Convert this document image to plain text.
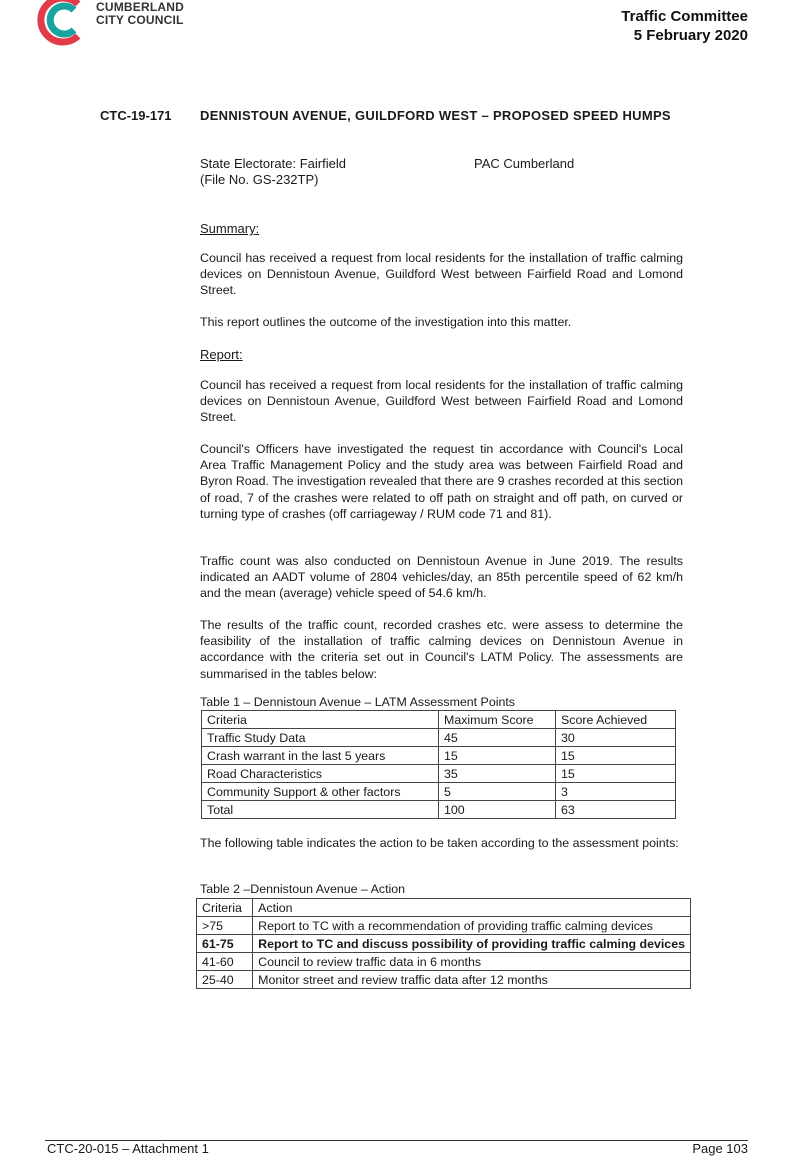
CUMBERLAND
CITY COUNCIL	Traffic Committee
5 February 2020
CTC-19-171 DENNISTOUN AVENUE, GUILDFORD WEST – PROPOSED SPEED HUMPS
State Electorate: Fairfield
(File No. GS-232TP)
PAC Cumberland
Summary:
Council has received a request from local residents for the installation of traffic calming devices on Dennistoun Avenue, Guildford West between Fairfield Road and Lomond Street.
This report outlines the outcome of the investigation into this matter.
Report:
Council has received a request from local residents for the installation of traffic calming devices on Dennistoun Avenue, Guildford West between Fairfield Road and Lomond Street.
Council's Officers have investigated the request tin accordance with Council's Local Area Traffic Management Policy and the study area was between Fairfield Road and Byron Road. The investigation revealed that there are 9 crashes recorded at this section of road, 7 of the crashes were related to off path on straight and off path, on curved or turning type of crashes (off carriageway / RUM code 71 and 81).
Traffic count was also conducted on Dennistoun Avenue in June 2019. The results indicated an AADT volume of 2804 vehicles/day, an 85th percentile speed of 62 km/h and the mean (average) vehicle speed of 54.6 km/h.
The results of the traffic count, recorded crashes etc. were assess to determine the feasibility of the installation of traffic calming devices on Dennistoun Avenue in accordance with the criteria set out in Council's LATM Policy. The assessments are summarised in the tables below:
Table 1 – Dennistoun Avenue – LATM Assessment Points
Criteria	Maximum Score	Score Achieved
Traffic Study Data	45	30
Crash warrant in the last 5 years	15	15
Road Characteristics	35	15
Community Support & other factors	5	3
Total	100	63
The following table indicates the action to be taken according to the assessment points:
Table 2 –Dennistoun Avenue – Action
Criteria	Action
>75	Report to TC with a recommendation of providing traffic calming devices
61-75	Report to TC and discuss possibility of providing traffic calming devices
41-60	Council to review traffic data in 6 months
25-40	Monitor street and review traffic data after 12 months
CTC-20-015 – Attachment 1	Page 103
